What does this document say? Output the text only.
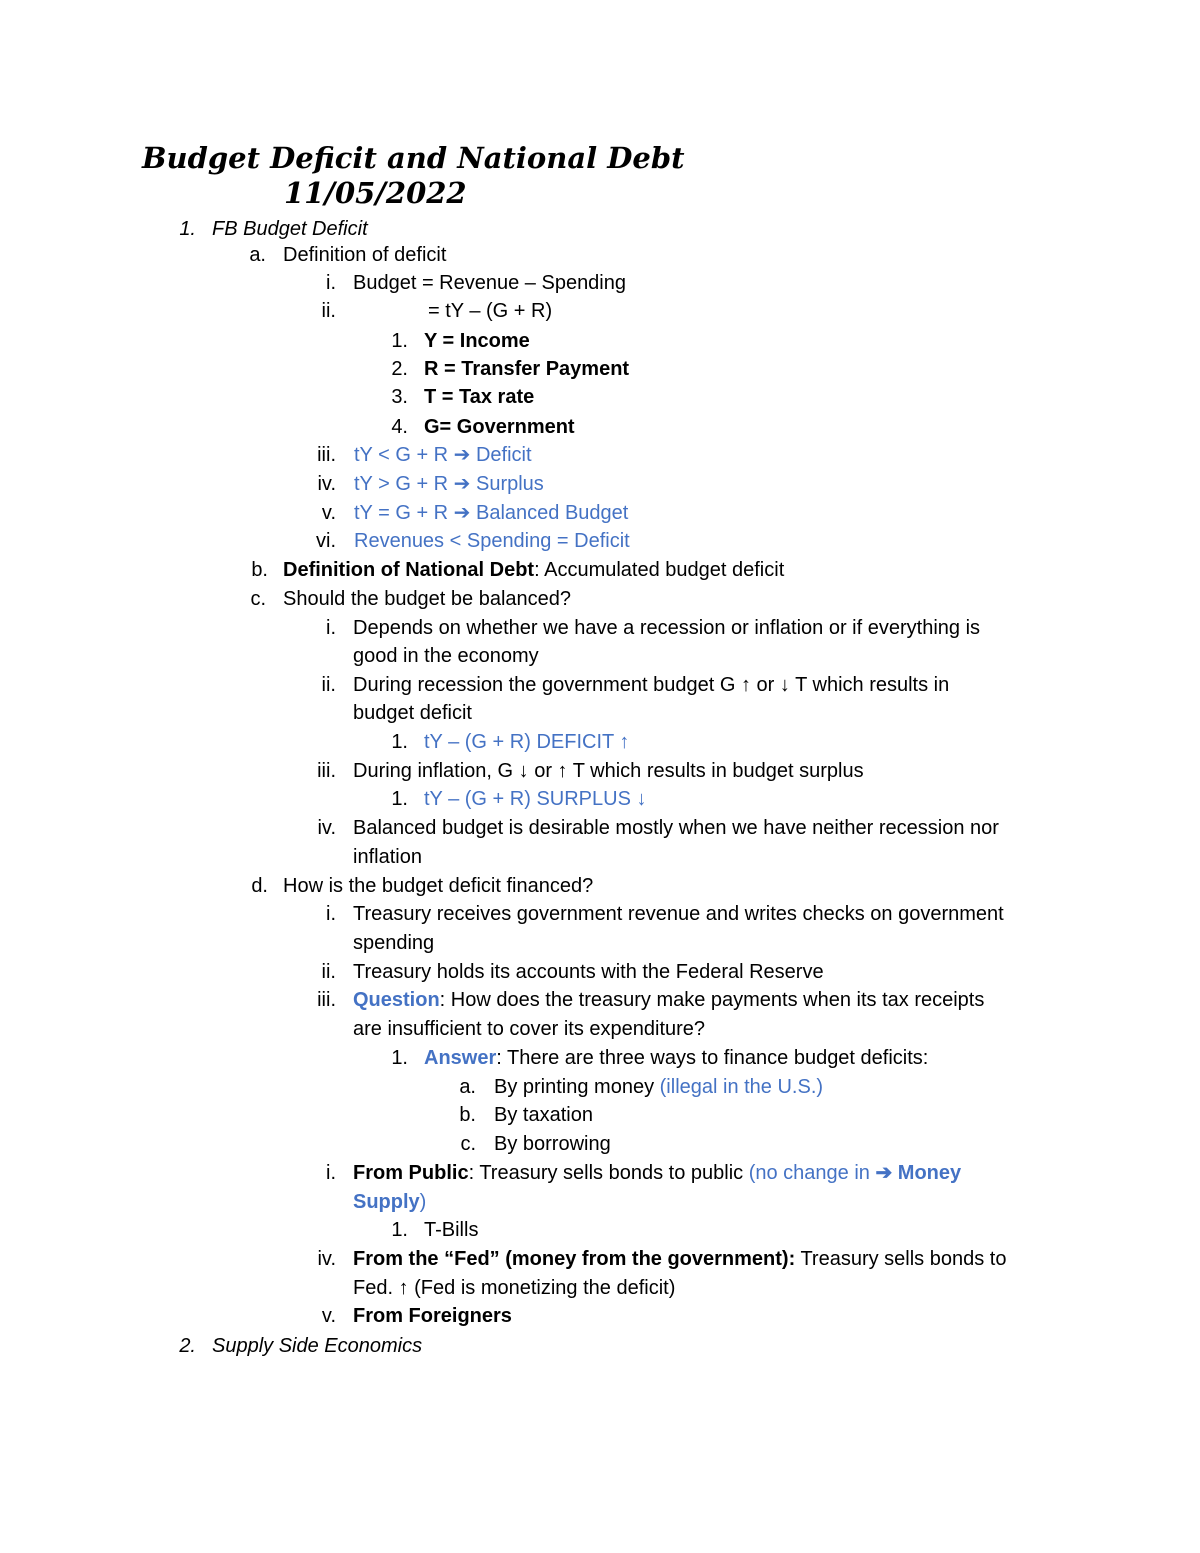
Budget Deficit and National Debt
11/05/2022
1. FB Budget Deficit
a. Definition of deficit
i. Budget = Revenue – Spending
ii.	= tY – (G + R)
1. Y = Income
2. R = Transfer Payment
3. T = Tax rate
4. G= Government
iii. tY < G + R ➔ Deficit
iv. tY > G + R ➔ Surplus
v. tY = G + R ➔ Balanced Budget
vi. Revenues < Spending = Deficit
b. Definition of National Debt: Accumulated budget deficit
c. Should the budget be balanced?
i. Depends on whether we have a recession or inflation or if everything is
good in the economy
ii. During recession the government budget G ↑ or ↓ T which results in
budget deficit
1. tY – (G + R) DEFICIT ↑
iii. During inflation, G ↓ or ↑ T which results in budget surplus
1. tY – (G + R) SURPLUS ↓
iv. Balanced budget is desirable mostly when we have neither recession nor
inflation
d. How is the budget deficit financed?
i. Treasury receives government revenue and writes checks on government
spending
ii. Treasury holds its accounts with the Federal Reserve
iii. Question: How does the treasury make payments when its tax receipts
are insufficient to cover its expenditure?
1. Answer: There are three ways to finance budget deficits:
a. By printing money (illegal in the U.S.)
b. By taxation
c. By borrowing
i. From Public: Treasury sells bonds to public (no change in ➔ Money
Supply)
1. T-Bills
iv. From the “Fed” (money from the government): Treasury sells bonds to
Fed. ↑ (Fed is monetizing the deficit)
v. From Foreigners
2. Supply Side Economics
